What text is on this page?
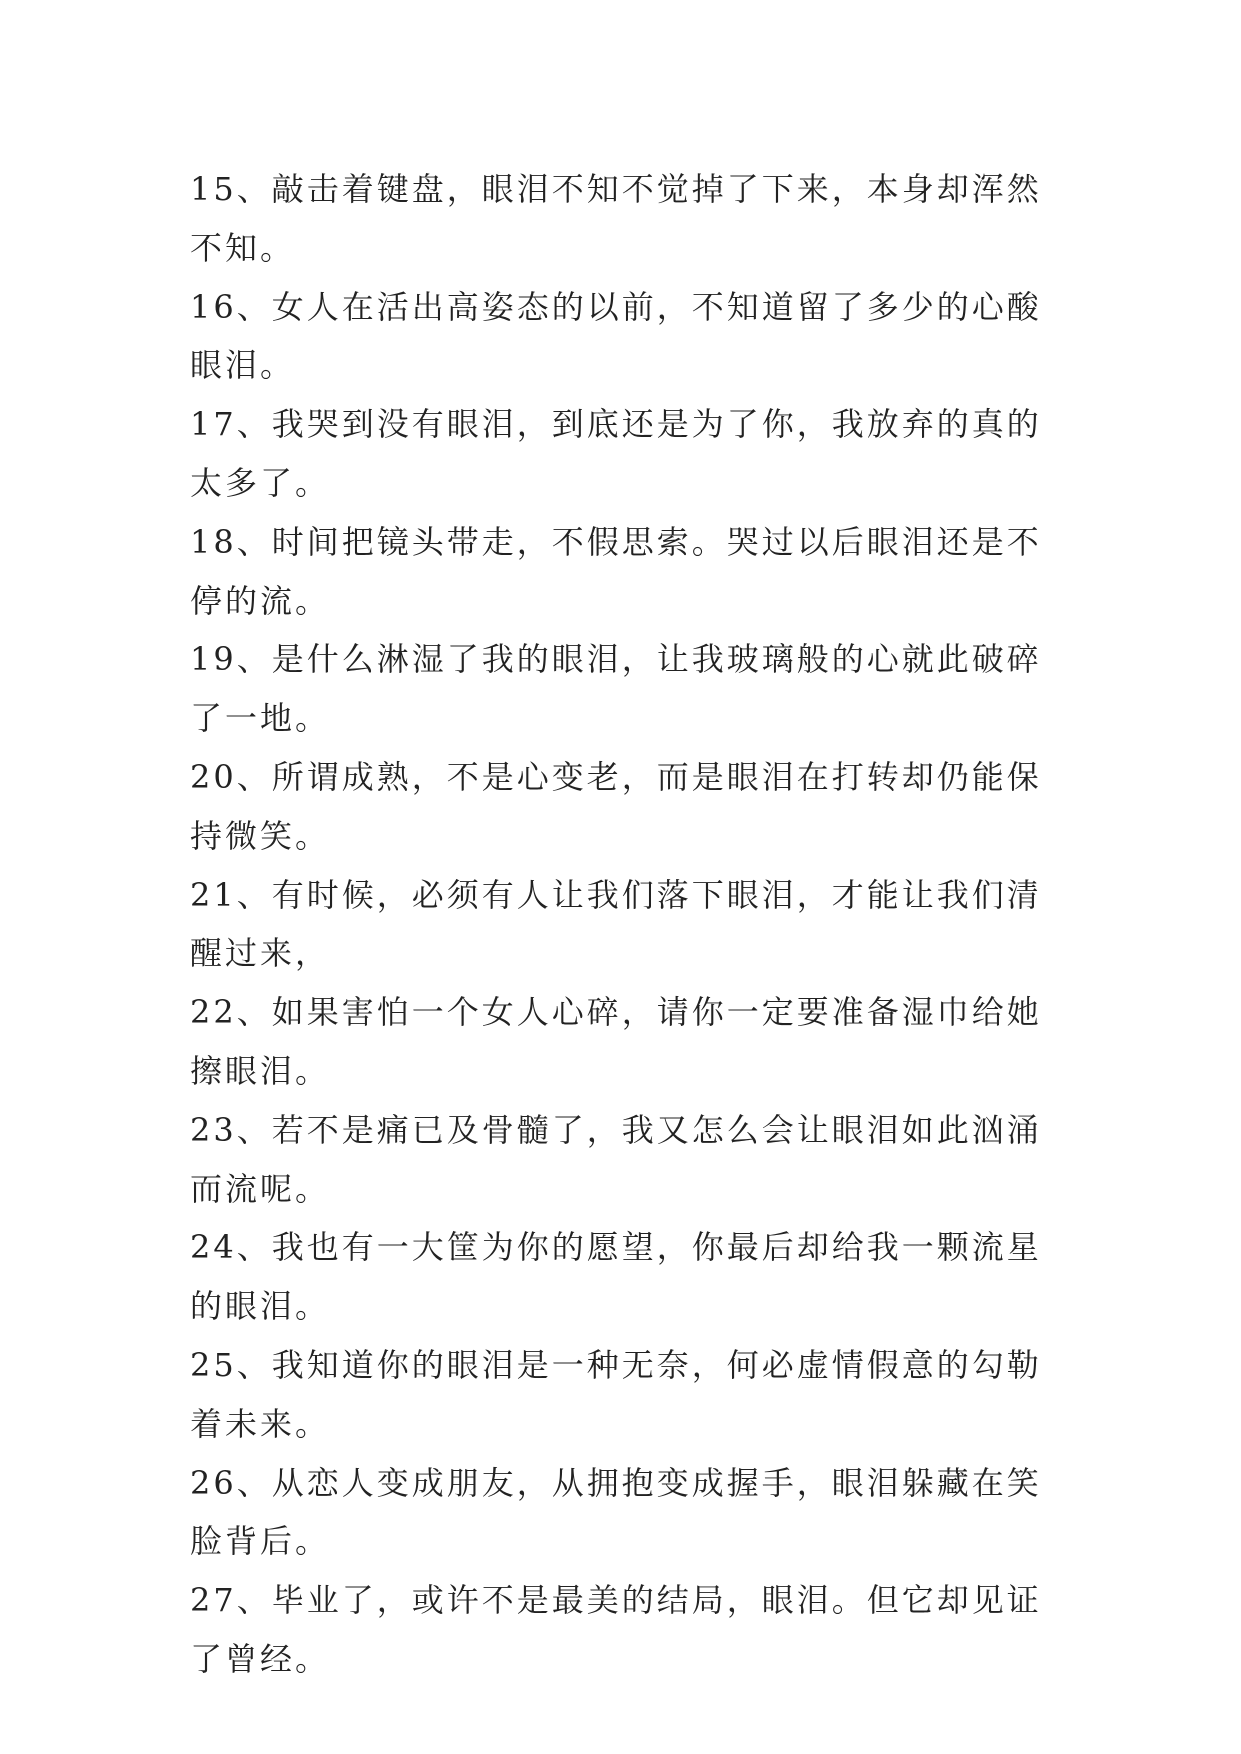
15、敲击着键盘，眼泪不知不觉掉了下来，本身却浑然不知。

16、女人在活出高姿态的以前，不知道留了多少的心酸眼泪。

17、我哭到没有眼泪，到底还是为了你，我放弃的真的太多了。

18、时间把镜头带走，不假思索。哭过以后眼泪还是不停的流。

19、是什么淋湿了我的眼泪，让我玻璃般的心就此破碎了一地。

20、所谓成熟，不是心变老，而是眼泪在打转却仍能保持微笑。

21、有时候，必须有人让我们落下眼泪，才能让我们清醒过来，

22、如果害怕一个女人心碎，请你一定要准备湿巾给她擦眼泪。

23、若不是痛已及骨髓了，我又怎么会让眼泪如此汹涌而流呢。

24、我也有一大筐为你的愿望，你最后却给我一颗流星的眼泪。

25、我知道你的眼泪是一种无奈，何必虚情假意的勾勒着未来。

26、从恋人变成朋友，从拥抱变成握手，眼泪躲藏在笑脸背后。

27、毕业了，或许不是最美的结局，眼泪。但它却见证了曾经。
